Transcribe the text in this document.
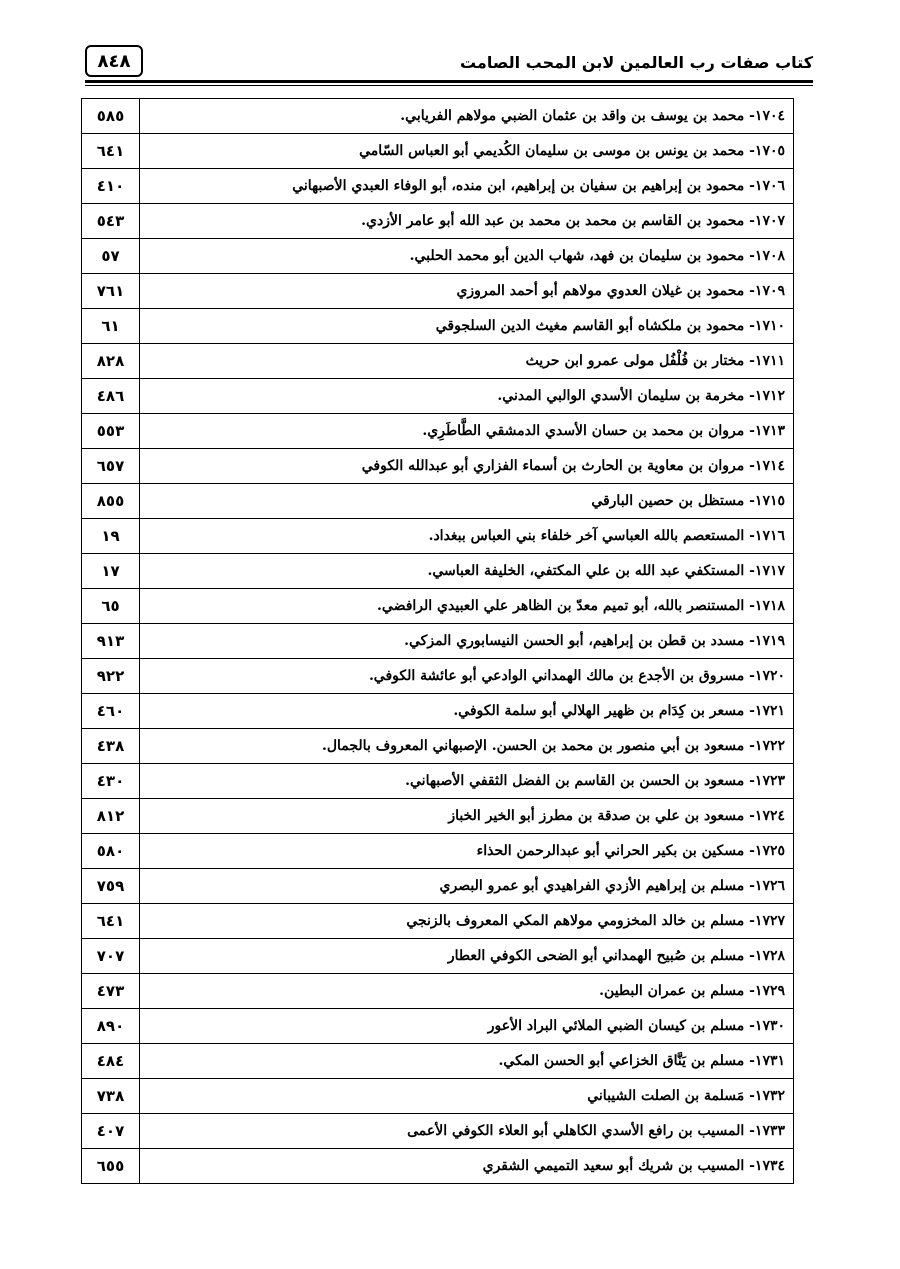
٨٤٨	كتاب صفات رب العالمين لابن المحب الصامت
٥٨٥	١٧٠٤- محمد بن يوسف بن واقد بن عثمان الضبي مولاهم الفريابي.
٦٤١	١٧٠٥- محمد بن يونس بن موسى بن سليمان الكُديمي أبو العباس السّامي
٤١٠	١٧٠٦- محمود بن إبراهيم بن سفيان بن إبراهيم، ابن منده، أبو الوفاء العبدي الأصبهاني
٥٤٣	١٧٠٧- محمود بن القاسم بن محمد بن محمد بن عبد الله أبو عامر الأزدي.
٥٧	١٧٠٨- محمود بن سليمان بن فهد، شهاب الدين أبو محمد الحلبي.
٧٦١	١٧٠٩- محمود بن غيلان العدوي مولاهم أبو أحمد المروزي
٦١	١٧١٠- محمود بن ملكشاه أبو القاسم مغيث الدين السلجوقي
٨٢٨	١٧١١- مختار بن فُلْفُل مولى عمرو ابن حريث
٤٨٦	١٧١٢- مخرمة بن سليمان الأسدي الوالبي المدني.
٥٥٣	١٧١٣- مروان بن محمد بن حسان الأسدي الدمشقي الطَّاطَرِي.
٦٥٧	١٧١٤- مروان بن معاوية بن الحارث بن أسماء الفزاري أبو عبدالله الكوفي
٨٥٥	١٧١٥- مستظل بن حصين البارقي
١٩	١٧١٦- المستعصم بالله العباسي آخر خلفاء بني العباس ببغداد.
١٧	١٧١٧- المستكفي عبد الله بن علي المكتفي، الخليفة العباسي.
٦٥	١٧١٨- المستنصر بالله، أبو تميم معدّ بن الظاهر علي العبيدي الرافضي.
٩١٣	١٧١٩- مسدد بن قطن بن إبراهيم، أبو الحسن النيسابوري المزكي.
٩٢٢	١٧٢٠- مسروق بن الأجدع بن مالك الهمداني الوادعي أبو عائشة الكوفي.
٤٦٠	١٧٢١- مسعر بن كِدَام بن ظهير الهلالي أبو سلمة الكوفي.
٤٣٨	١٧٢٢- مسعود بن أبي منصور بن محمد بن الحسن. الإصبهاني المعروف بالجمال.
٤٣٠	١٧٢٣- مسعود بن الحسن بن القاسم بن الفضل الثقفي الأصبهاني.
٨١٢	١٧٢٤- مسعود بن علي بن صدقة بن مطرز أبو الخير الخباز
٥٨٠	١٧٢٥- مسكين بن بكير الحراني أبو عبدالرحمن الحذاء
٧٥٩	١٧٢٦- مسلم بن إبراهيم الأزدي الفراهيدي أبو عمرو البصري
٦٤١	١٧٢٧- مسلم بن خالد المخزومي مولاهم المكي المعروف بالزنجي
٧٠٧	١٧٢٨- مسلم بن صُبيح الهمداني أبو الضحى الكوفي العطار
٤٧٣	١٧٢٩- مسلم بن عمران البطين.
٨٩٠	١٧٣٠- مسلم بن كيسان الضبي الملائي البراد الأعور
٤٨٤	١٧٣١- مسلم بن يَنَّاق الخزاعي أبو الحسن المكي.
٧٣٨	١٧٣٢- مَسلمة بن الصلت الشيباني
٤٠٧	١٧٣٣- المسيب بن رافع الأسدي الكاهلي أبو العلاء الكوفي الأعمى
٦٥٥	١٧٣٤- المسيب بن شريك أبو سعيد التميمي الشقري
